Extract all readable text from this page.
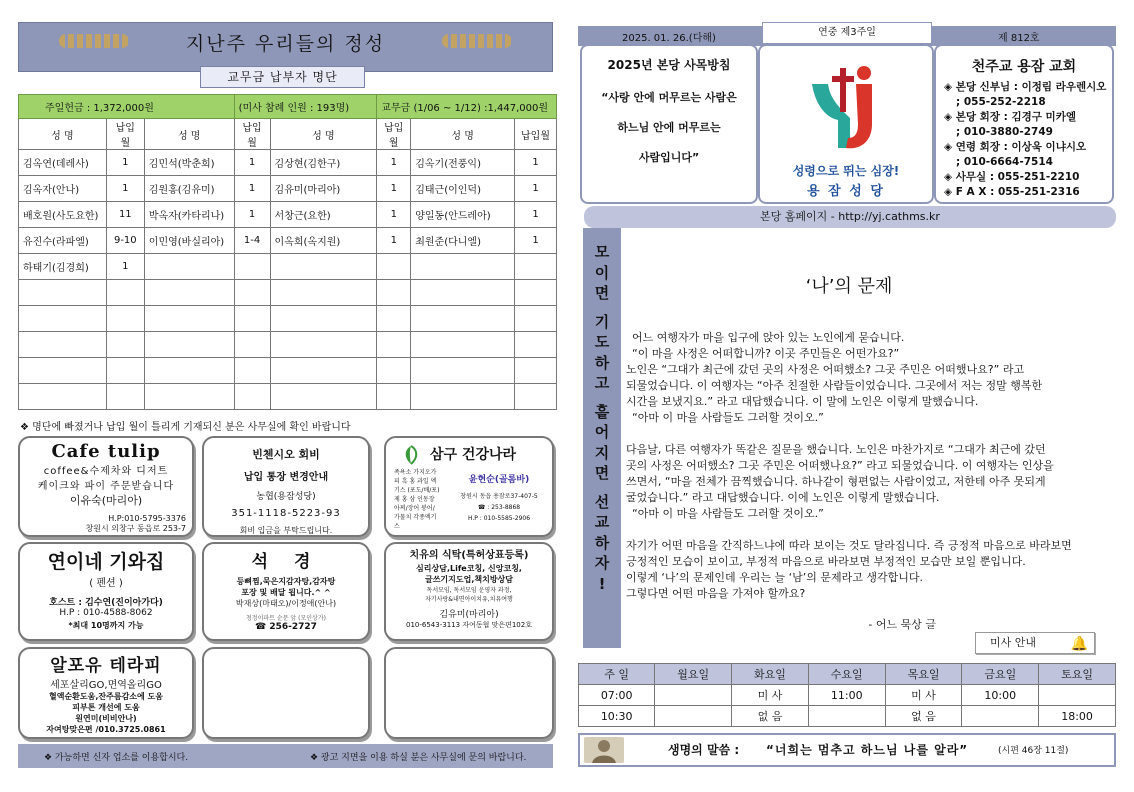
지난주 우리들의 정성
교무금 납부자 명단
주일헌금 : 1,372,000원			(미사 참례 인원 : 193명)		교무금 (1/06 ~ 1/12) :1,447,000원		
성 명	납입월	성 명	납입월	성 명	납입월	성 명	납입월
김옥연(데레사)	1	김민석(박춘희)	1	김상현(김한구)	1	김옥기(전풍익)	1
김옥자(안나)	1	김원홍(김유미)	1	김유미(마리아)	1	김태근(이인덕)	1
배호원(사도요한)	11	박옥자(카타리나)	1	서창근(요한)	1	양일동(안드레아)	1
유진수(라파엘)	9-10	이민영(바실리아)	1-4	이옥희(옥지원)	1	최원준(다니엘)	1
하태기(김경희)	1						

❖ 명단에 빠졌거나 납입 월이 틀리게 기재되신 분은 사무실에 확인 바랍니다
Cafe tulip
coffee&수제차와 디저트
케이크와 파이 주문받습니다
이유숙(마리아)
H.P:010-5795-3376
창원시 의창구 동읍로 253-7
빈첸시오 회비
납입 통장 변경안내
농협(용잠성당)
351-1118-5223-93
회비 입금을 부탁드립니다.
삼구 건강나라
족욕소 가지오가피 흑 홍 과일 엑기스 (포도/배/포)제 홍 삼 인동장아찌/장어 붕어/가물치 각종엑기스
윤현순(골롬바)
창원시 동읍 용잠로37-407-5
☎ : 253-8868
H.P : 010-5585-2906
연이네 기와집
( 펜션 )
호스트 : 김수연(진이아가다)
H.P : 010-4588-8062
*최대 10명까지 가능
석 경
등뼈찜,묵은지감자탕,감자탕
포장 및 배달 됩니다.^ ^
박재상(마태오)/이정애(안나)
청정이파트 순문 앞 (모인상가)
☎ 256-2727
치유의 식탁(특허상표등록)
심리상담,Life코칭, 신앙코칭,
글쓰기지도업,책치방상담
독서모임, 독서모임 운영자 과정,
자기사랑&내면아이치유,치유여행
김유미(마리아)
010-6543-3113 자여동협 맞은편102호
알포유 테라피
세포살리GO,면역올리GO
혈액순환도움,잔주름감소에 도움
피부톤 개선에 도움
원연미(비비안나)
자여탕맞은편 /010.3725.0861
❖ 가능하면 신자 업소를 이용합시다.	❖ 광고 지면을 이용 하실 분은 사무실에 문의 바랍니다.
2025. 01. 26.(다해)
연중 제3주일
제 812호
2025년 본당 사목방침
“사랑 안에 머무르는 사람은
하느님 안에 머무르는
사람입니다”
성령으로 뛰는 심장!
용 잠 성 당
천주교 용잠 교회
◈ 본당 신부님 : 이정림 라우렌시오
; 055-252-2218
◈ 본당 회장 : 김경구 미카엘
; 010-3880-2749
◈ 연령 회장 : 이상욱 이냐시오
; 010-6664-7514
◈ 사무실 : 055-251-2210
◈ F A X : 055-251-2316
본당 홈페이지 - http://yj.cathms.kr
모
이
면
기
도
하
고
흩
어
지
면
선
교
하
자
!
‘나’의 문제

어느 여행자가 마을 입구에 앉아 있는 노인에게 묻습니다.

“이 마을 사정은 어떠합니까? 이곳 주민들은 어떤가요?”

노인은 “그대가 최근에 갔던 곳의 사정은 어떠했소? 그곳 주민은 어떠했나요?” 라고

되물었습니다. 이 여행자는 “아주 친절한 사람들이었습니다. 그곳에서 저는 정말 행복한

시간을 보냈지요.” 라고 대답했습니다. 이 말에 노인은 이렇게 말했습니다.

“아마 이 마을 사람들도 그러할 것이오.”

다음날, 다른 여행자가 똑같은 질문을 했습니다. 노인은 마찬가지로 “그대가 최근에 갔던

곳의 사정은 어떠했소? 그곳 주민은 어떠했나요?” 라고 되물었습니다. 이 여행자는 인상을

쓰면서, “마을 전체가 끔찍했습니다. 하나같이 형편없는 사람이었고, 저한테 아주 못되게

굴었습니다.” 라고 대답했습니다. 이에 노인은 이렇게 말했습니다.

“아마 이 마을 사람들도 그러할 것이오.”

자기가 어떤 마음을 간직하느냐에 따라 보이는 것도 달라집니다. 즉 긍정적 마음으로 바라보면

긍정적인 모습이 보이고, 부정적 마음으로 바라보면 부정적인 모습만 보일 뿐입니다.

이렇게 ‘나’의 문제인데 우리는 늘 ‘남’의 문제라고 생각합니다.

그렇다면 어떤 마음을 가져야 할까요?

- 어느 묵상 글
미사 안내 🔔
주 일	월요일	화요일	수요일	목요일	금요일	토요일
07:00		미 사	11:00	미 사	10:00	
10:30		없 음		없 음		18:00
생명의 말씀 : “너희는 멈추고 하느님 나를 알라”	(시편 46장 11절)
